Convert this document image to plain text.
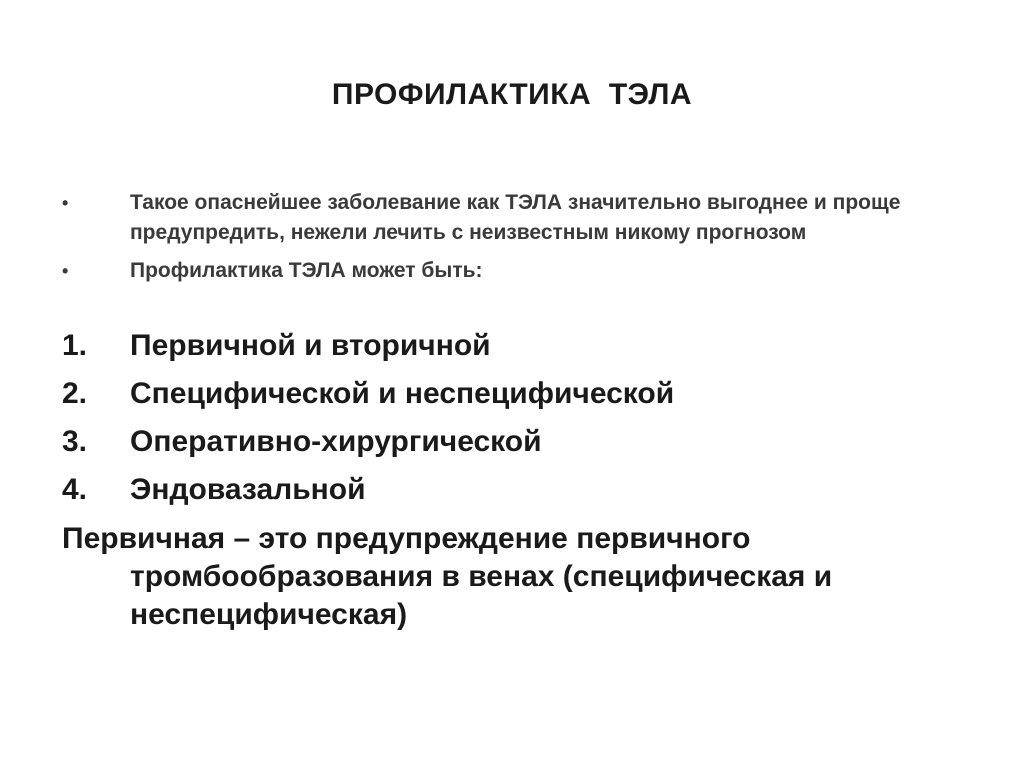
ПРОФИЛАКТИКА  ТЭЛА
•	Такое опаснейшее заболевание как ТЭЛА значительно выгоднее и проще предупредить, нежели лечить с неизвестным никому прогнозом
•	Профилактика ТЭЛА может быть:
1.	Первичной и вторичной
2.	Специфической и неспецифической
3.	Оперативно-хирургической
4.	Эндовазальной
Первичная – это предупреждение первичного тромбообразования в венах (специфическая и неспецифическая)
